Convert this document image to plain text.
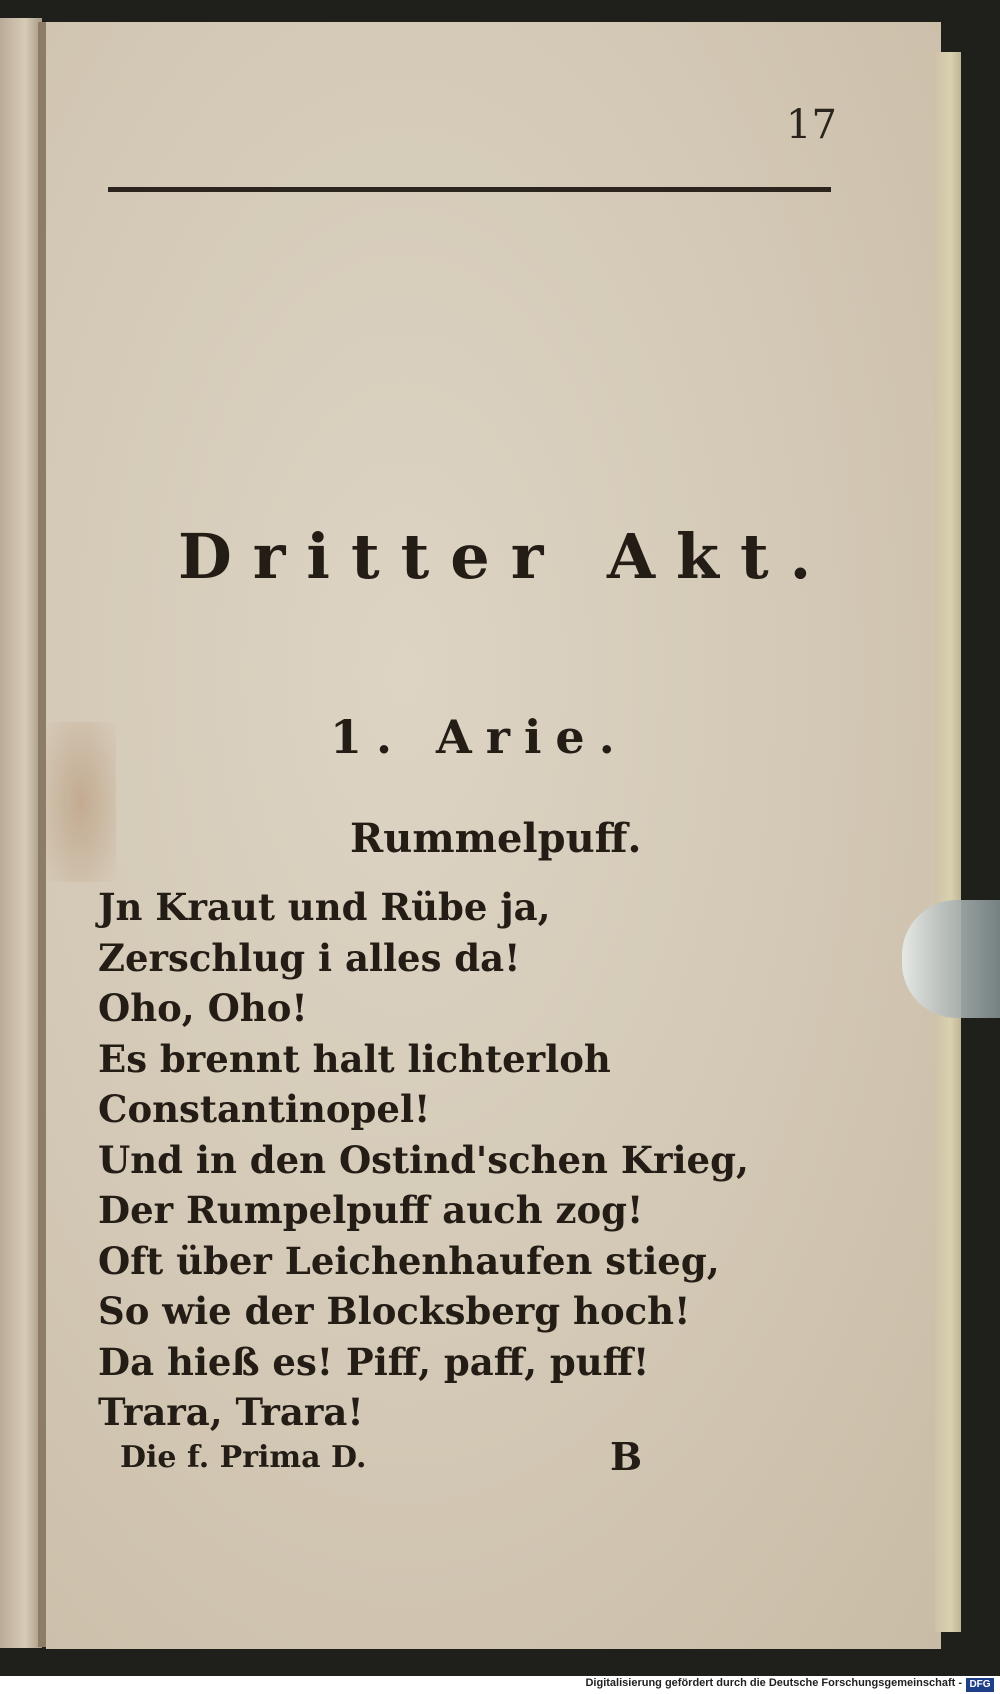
17
Dritter Akt.
1. Arie.
Rummelpuff.
Jn Kraut und Rübe ja,
Zerschlug i alles da!
Oho, Oho!
Es brennt halt lichterloh
Constantinopel!
Und in den Ostind'schen Krieg,
Der Rumpelpuff auch zog!
Oft über Leichenhaufen stieg,
So wie der Blocksberg hoch!
Da hieß es! Piff, paff, puff!
Trara, Trara!
Die f. Prima D.	B
Digitalisierung gefördert durch die Deutsche Forschungsgemeinschaft - DFG
